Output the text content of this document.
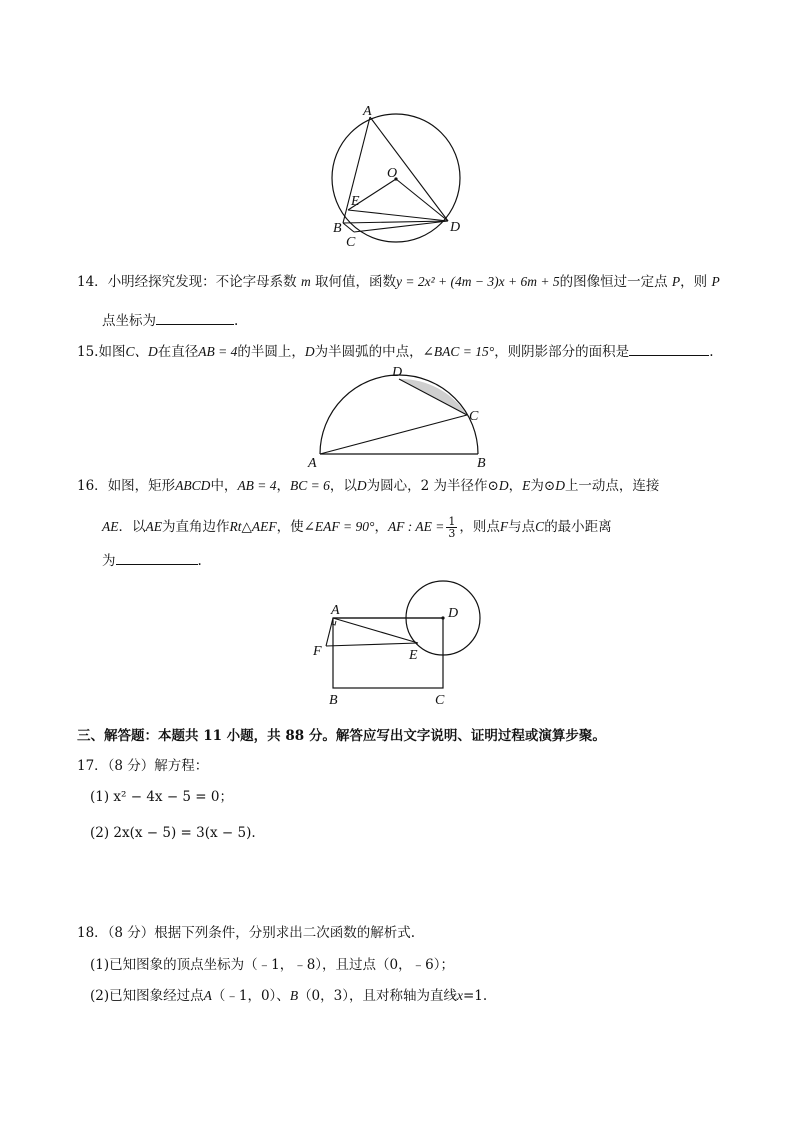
A
O
E
B
C
D
14．小明经探究发现：不论字母系数 m 取何值，函数y = 2x² + (4m − 3)x + 6m + 5的图像恒过一定点 P，则 P
点坐标为	.
15.如图C、D在直径AB = 4的半圆上，D为半圆弧的中点，∠BAC = 15°，则阴影部分的面积是	.
D
C
A	B
16．如图，矩形ABCD中，AB = 4，BC = 6，以D为圆心，2 为半径作⊙D，E为⊙D上一动点，连接
AE．以AE为直角边作Rt△AEF，使∠EAF = 90°，AF : AE = $\frac{1}{3}$ ，则点F与点C的最小距离
为	.
A	D
F	E
B	C
三、解答题：本题共 11 小题，共 88 分。解答应写出文字说明、证明过程或演算步聚。
17．（8 分）解方程：
(1) x² − 4x − 5 = 0；
(2) 2x(x − 5) = 3(x − 5).
18．（8 分）根据下列条件，分别求出二次函数的解析式.
(1)已知图象的顶点坐标为（﹣1，﹣8），且过点（0，﹣6）；
(2)已知图象经过点A（﹣1，0）、B（0，3），且对称轴为直线x=1.
